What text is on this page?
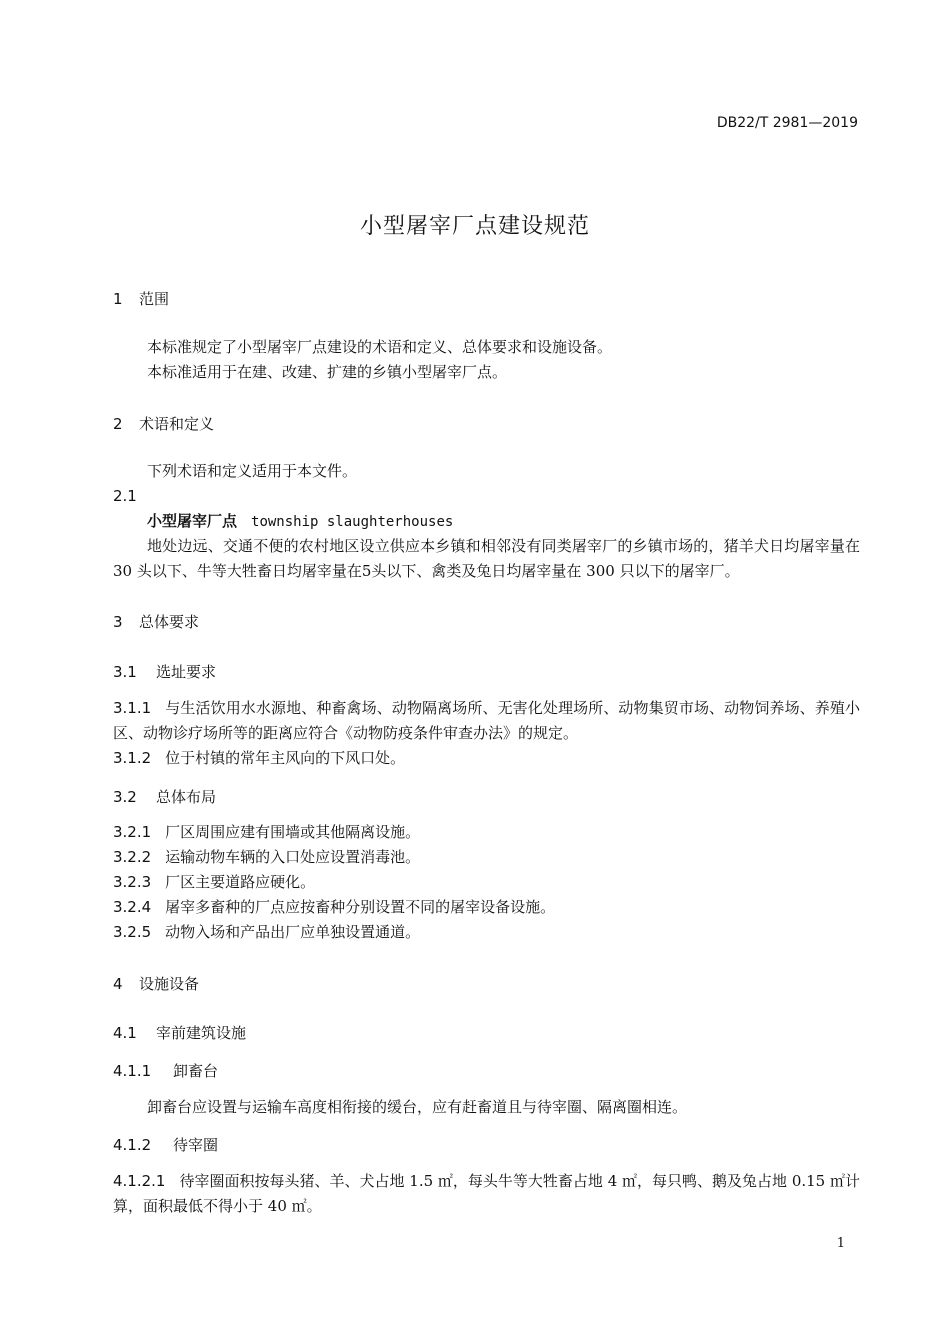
DB22/T 2981—2019
小型屠宰厂点建设规范
1 范围
本标准规定了小型屠宰厂点建设的术语和定义、总体要求和设施设备。
本标准适用于在建、改建、扩建的乡镇小型屠宰厂点。
2 术语和定义
下列术语和定义适用于本文件。
2.1
小型屠宰厂点 township slaughterhouses
地处边远、交通不便的农村地区设立供应本乡镇和相邻没有同类屠宰厂的乡镇市场的，猪羊犬日均屠宰量在 30 头以下、牛等大牲畜日均屠宰量在5头以下、禽类及兔日均屠宰量在 300 只以下的屠宰厂。
3 总体要求
3.1 选址要求
3.1.1 与生活饮用水水源地、种畜禽场、动物隔离场所、无害化处理场所、动物集贸市场、动物饲养场、养殖小区、动物诊疗场所等的距离应符合《动物防疫条件审查办法》的规定。
3.1.2 位于村镇的常年主风向的下风口处。
3.2 总体布局
3.2.1 厂区周围应建有围墙或其他隔离设施。
3.2.2 运输动物车辆的入口处应设置消毒池。
3.2.3 厂区主要道路应硬化。
3.2.4 屠宰多畜种的厂点应按畜种分别设置不同的屠宰设备设施。
3.2.5 动物入场和产品出厂应单独设置通道。
4 设施设备
4.1 宰前建筑设施
4.1.1 卸畜台
卸畜台应设置与运输车高度相衔接的缓台，应有赶畜道且与待宰圈、隔离圈相连。
4.1.2 待宰圈
4.1.2.1 待宰圈面积按每头猪、羊、犬占地 1.5 ㎡，每头牛等大牲畜占地 4 ㎡，每只鸭、鹅及兔占地 0.15 ㎡计算，面积最低不得小于 40 ㎡。
1
